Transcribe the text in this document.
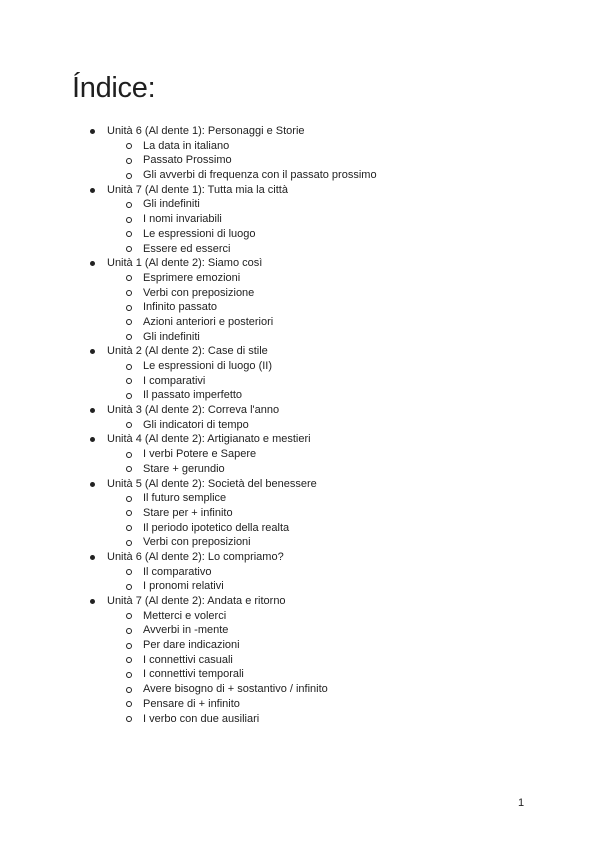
Índice:
Unità 6 (Al dente 1): Personaggi e Storie
La data in italiano
Passato Prossimo
Gli avverbi di frequenza con il passato prossimo
Unità 7 (Al dente 1): Tutta mia la città
Gli indefiniti
I nomi invariabili
Le espressioni di luogo
Essere ed esserci
Unità 1 (Al dente 2): Siamo così
Esprimere emozioni
Verbi con preposizione
Infinito passato
Azioni anteriori e posteriori
Gli indefiniti
Unità 2 (Al dente 2): Case di stile
Le espressioni di luogo (II)
I comparativi
Il passato imperfetto
Unità 3 (Al dente 2): Correva l'anno
Gli indicatori di tempo
Unità 4 (Al dente 2): Artigianato e mestieri
I verbi Potere e Sapere
Stare + gerundio
Unità 5 (Al dente 2): Società del benessere
Il futuro semplice
Stare per + infinito
Il periodo ipotetico della realta
Verbi con preposizioni
Unità 6 (Al dente 2): Lo compriamo?
Il comparativo
I pronomi relativi
Unità 7 (Al dente 2): Andata e ritorno
Metterci e volerci
Avverbi in -mente
Per dare indicazioni
I connettivi casuali
I connettivi temporali
Avere bisogno di + sostantivo / infinito
Pensare di + infinito
I verbo con due ausiliari
1
